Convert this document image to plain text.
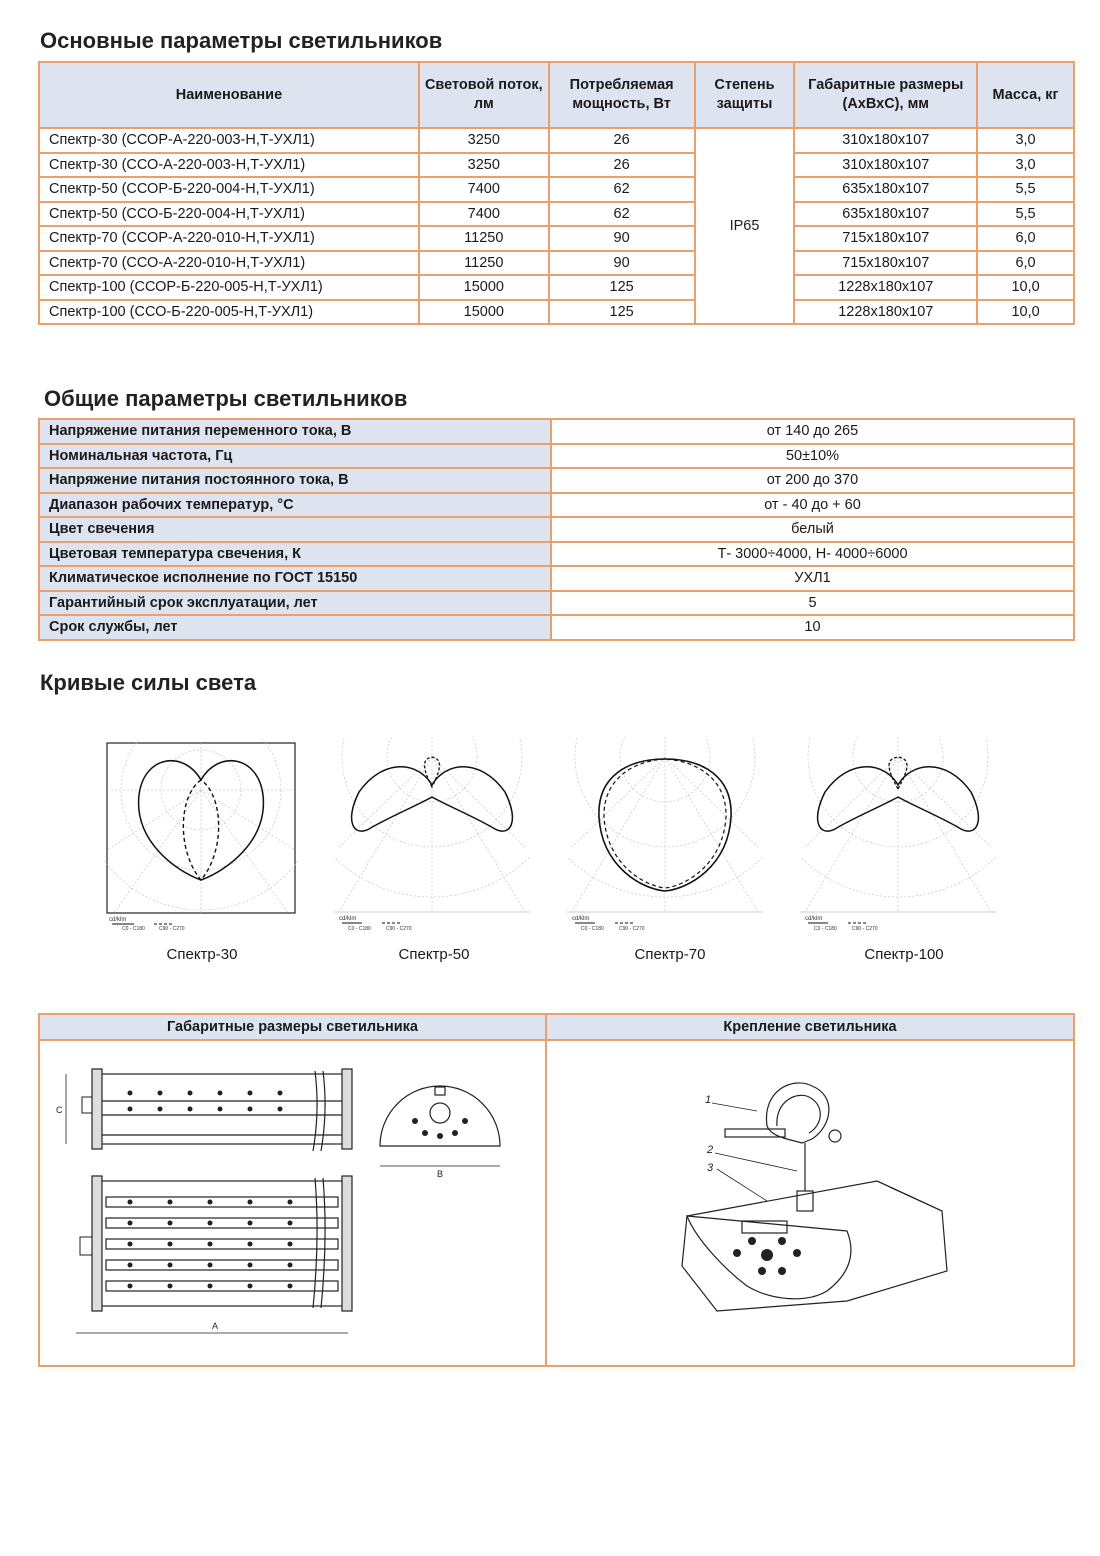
Основные параметры светильников
Наименование	Световой поток, лм	Потребляемая мощность, Вт	Степень защиты	Габаритные размеры (АхВхС), мм	Масса, кг
Спектр-30 (ССОР-А-220-003-Н,Т-УХЛ1)	3250	26	IP65	310x180x107	3,0
Спектр-30 (ССО-А-220-003-Н,Т-УХЛ1)	3250	26		310x180x107	3,0
Спектр-50 (ССОР-Б-220-004-Н,Т-УХЛ1)	7400	62		635x180x107	5,5
Спектр-50 (ССО-Б-220-004-Н,Т-УХЛ1)	7400	62		635x180x107	5,5
Спектр-70 (ССОР-А-220-010-Н,Т-УХЛ1)	11250	90		715x180x107	6,0
Спектр-70 (ССО-А-220-010-Н,Т-УХЛ1)	11250	90		715x180x107	6,0
Спектр-100 (ССОР-Б-220-005-Н,Т-УХЛ1)	15000	125		1228x180x107	10,0
Спектр-100 (ССО-Б-220-005-Н,Т-УХЛ1)	15000	125		1228x180x107	10,0
Общие параметры светильников
Напряжение питания переменного тока, В	от 140 до 265
Номинальная частота, Гц	50±10%
Напряжение питания постоянного тока, В	от 200 до 370
Диапазон рабочих температур, °С	от - 40 до + 60
Цвет свечения	белый
Цветовая температура свечения, К	Т- 3000÷4000, Н- 4000÷6000
Климатическое исполнение по ГОСТ 15150	УХЛ1
Гарантийный срок эксплуатации, лет	5
Срок службы, лет	10
Кривые силы света
cd/klm
C0 - C180	C90 - C270
Спектр-30
cd/klm
C0 - C180	C90 - C270
Спектр-50
cd/klm
C0 - C180	C90 - C270
Спектр-70
cd/klm
C0 - C180	C90 - C270
Спектр-100
Габаритные размеры светильника	Крепление светильника

C
B
A	1
2
3
